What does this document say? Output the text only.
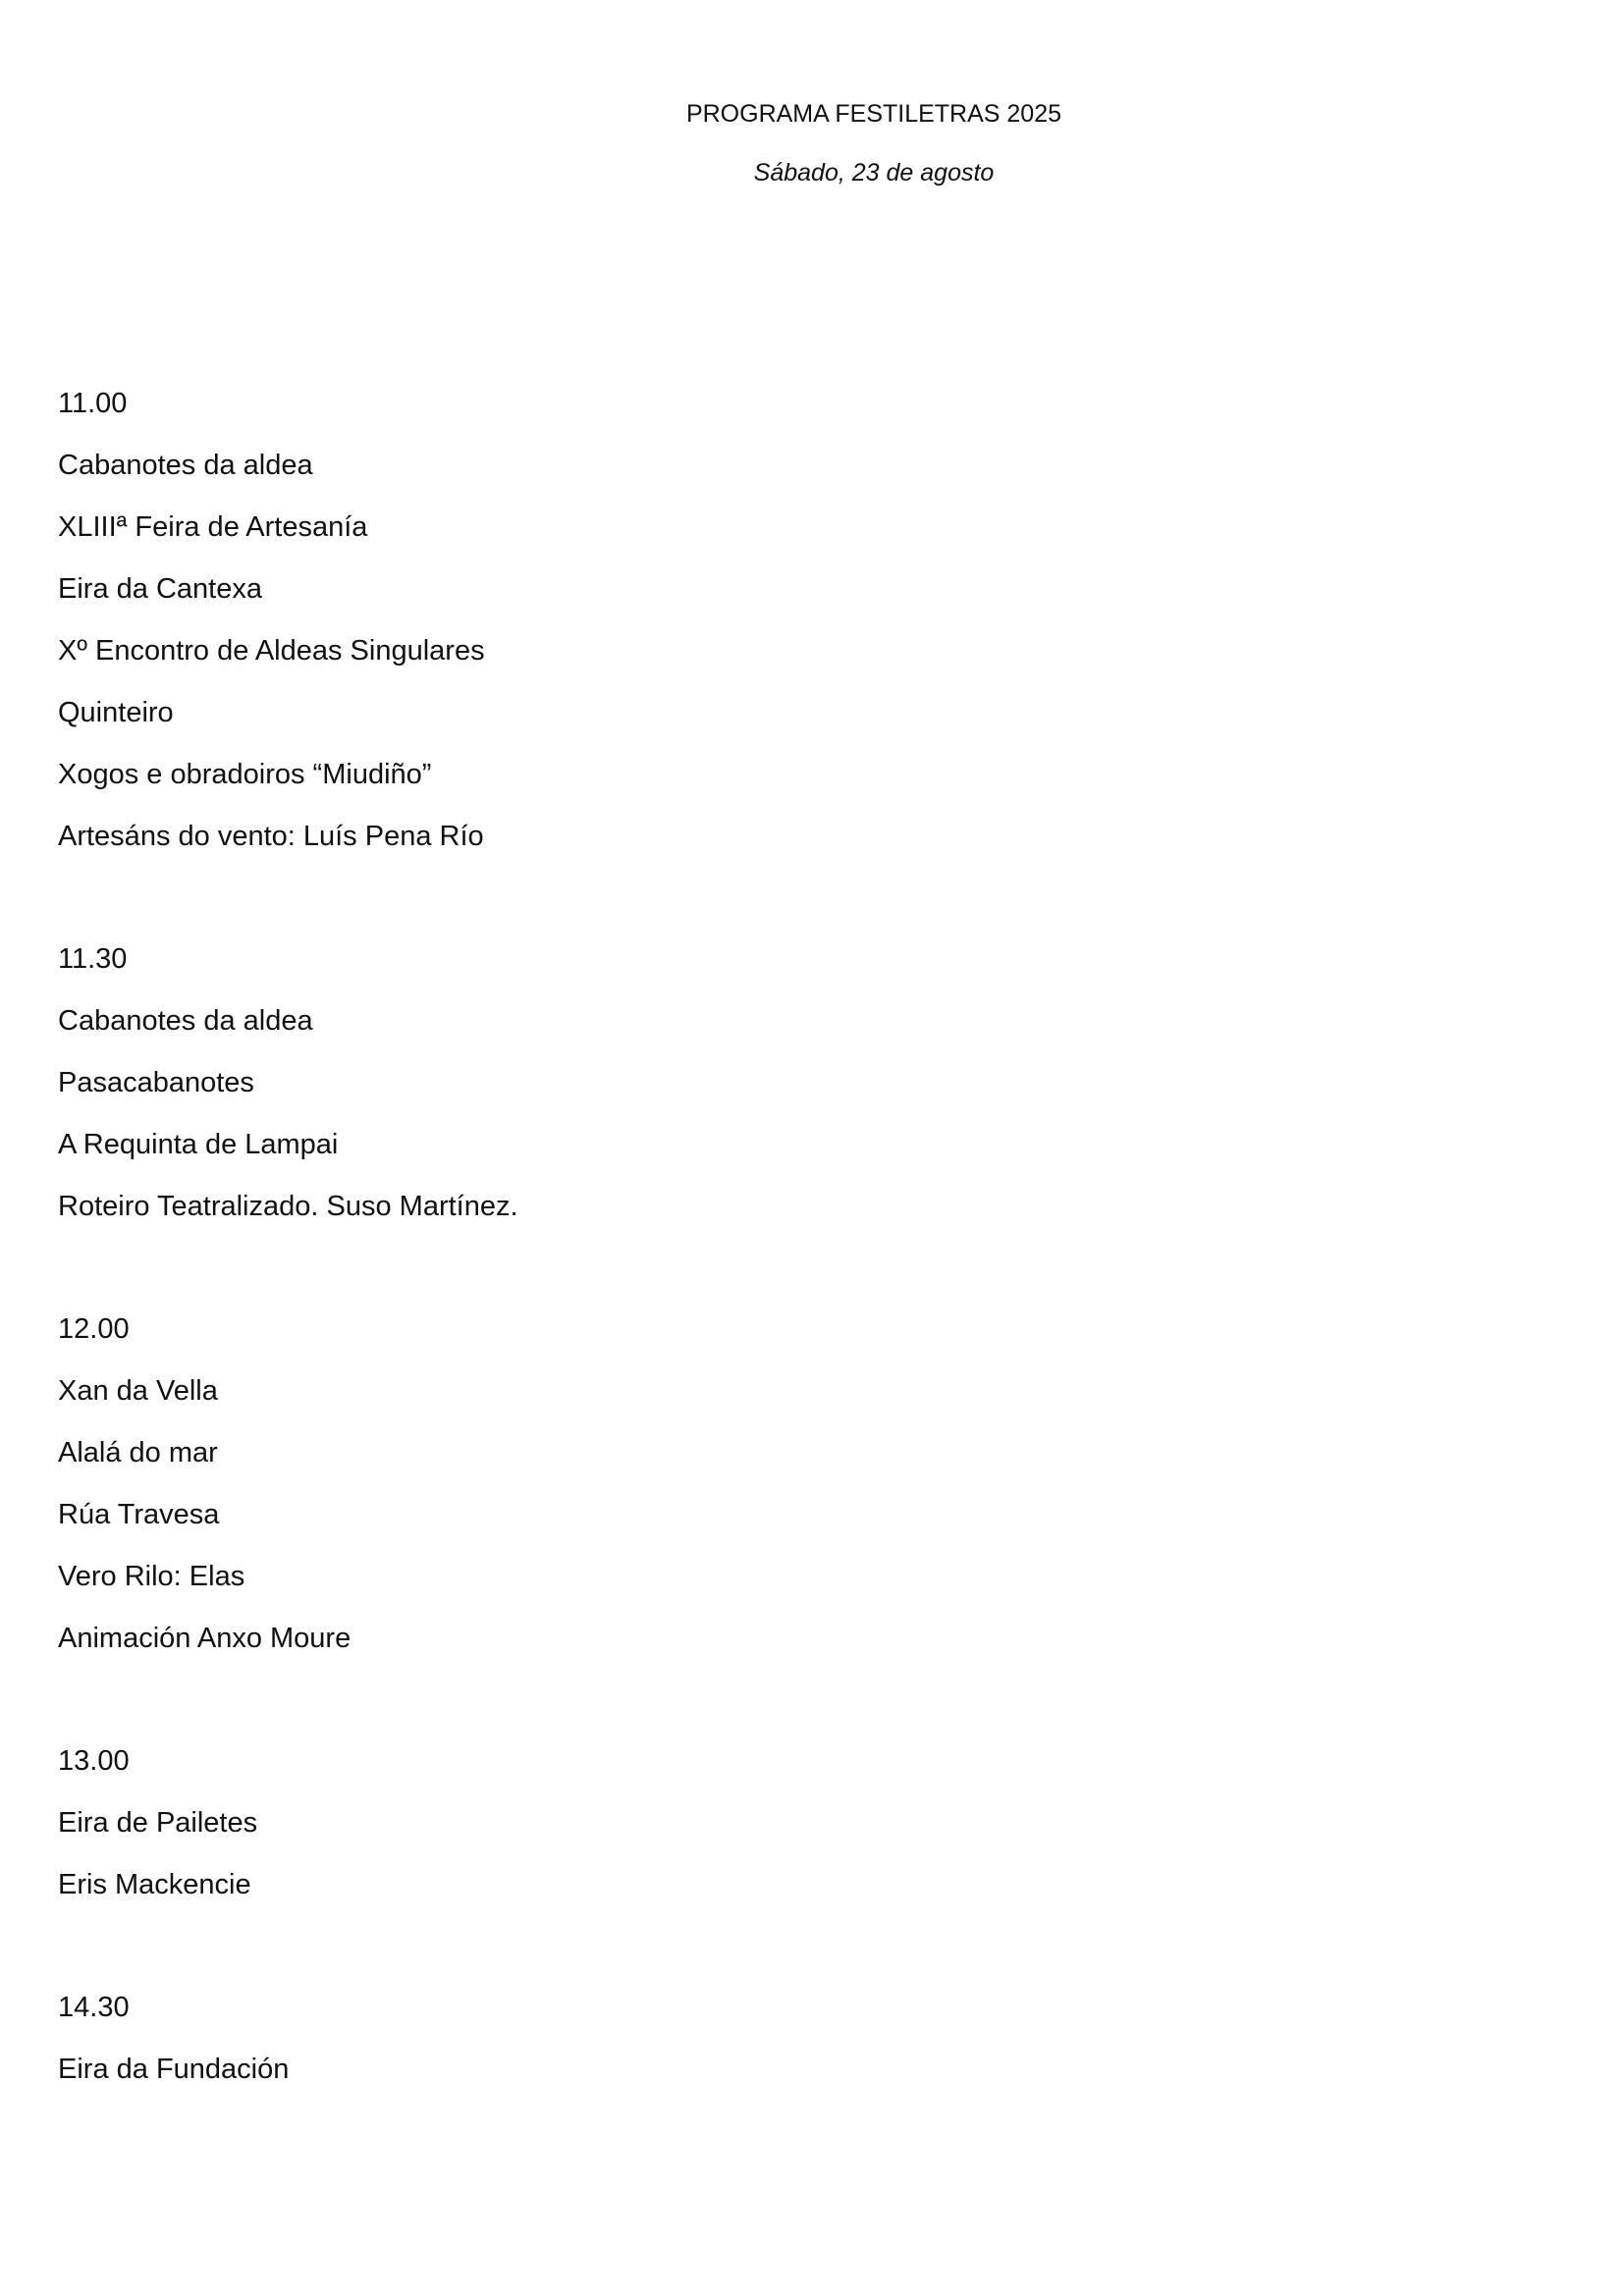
PROGRAMA FESTILETRAS 2025
Sábado, 23 de agosto
11.00
Cabanotes da aldea
XLIIIª Feira de Artesanía
Eira da Cantexa
Xº Encontro de Aldeas Singulares
Quinteiro
Xogos e obradoiros “Miudiño”
Artesáns do vento: Luís Pena Río
11.30
Cabanotes da aldea
Pasacabanotes
A Requinta de Lampai
Roteiro Teatralizado. Suso Martínez.
12.00
Xan da Vella
Alalá do mar
Rúa Travesa
Vero Rilo: Elas
Animación Anxo Moure
13.00
Eira de Pailetes
Eris Mackencie
14.30
Eira da Fundación
